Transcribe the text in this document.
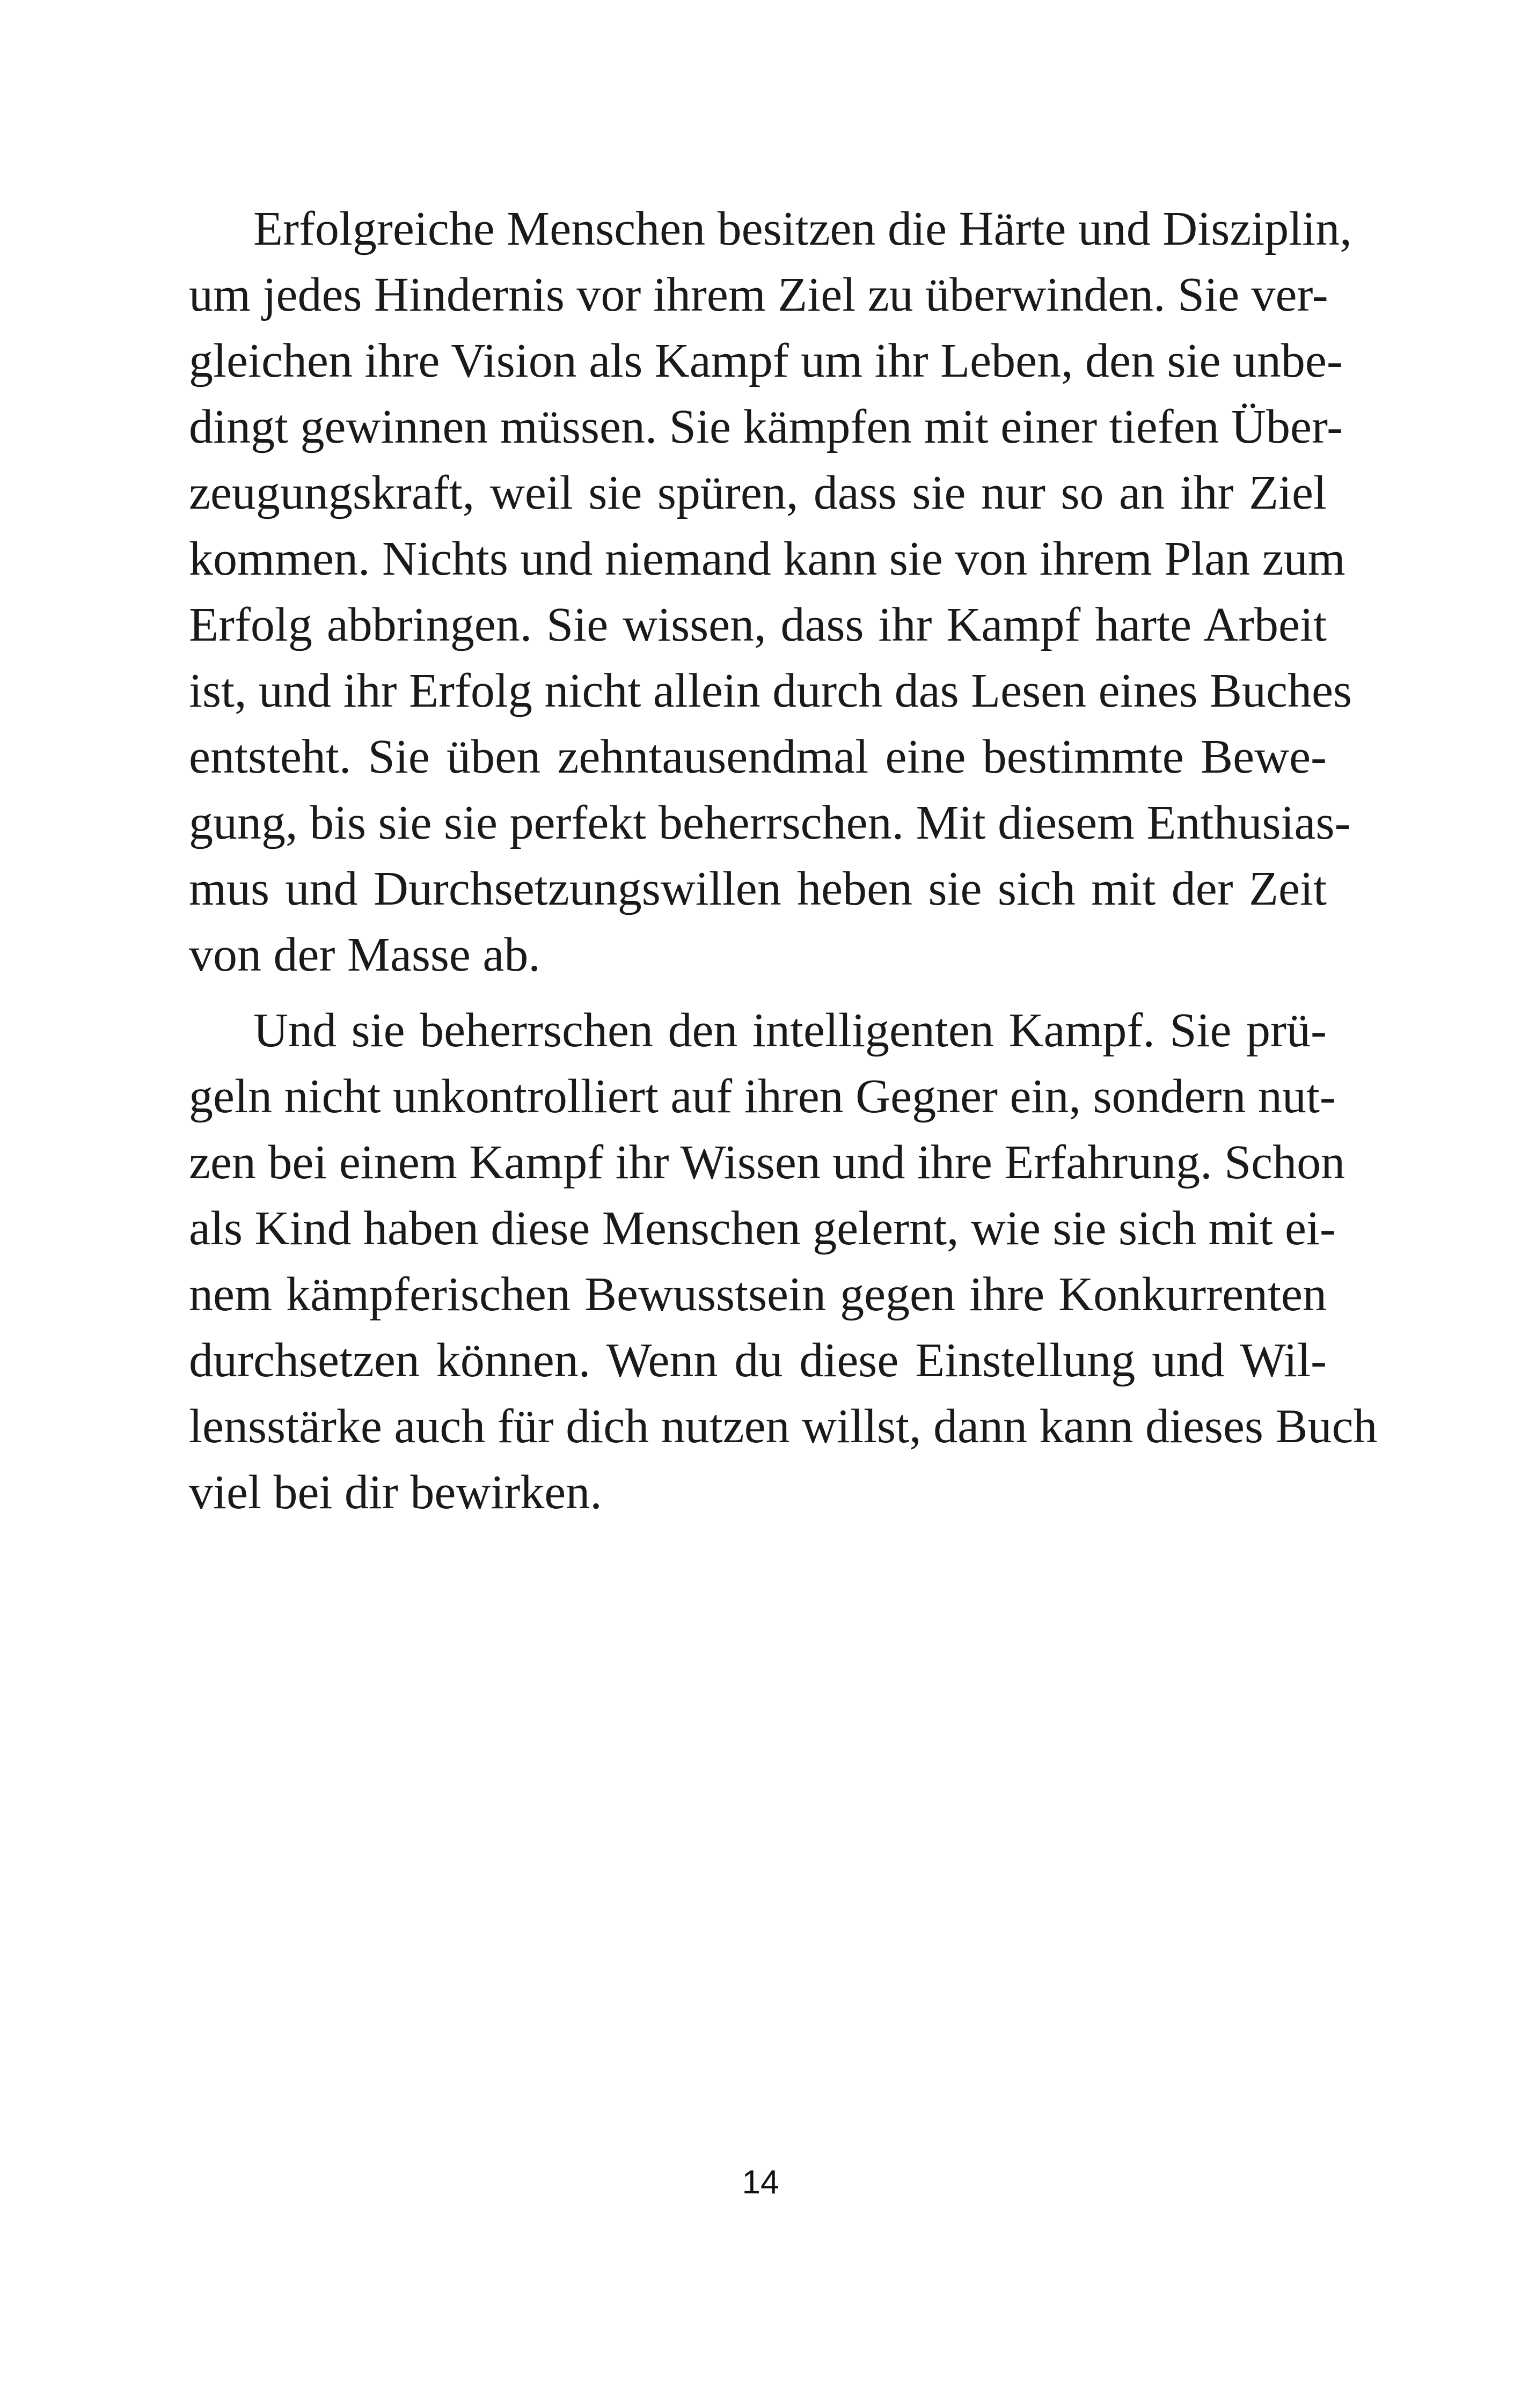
Erfolgreiche Menschen besitzen die Härte und Disziplin,
um jedes Hindernis vor ihrem Ziel zu überwinden. Sie ver-
gleichen ihre Vision als Kampf um ihr Leben, den sie unbe-
dingt gewinnen müssen. Sie kämpfen mit einer tiefen Über-
zeugungskraft, weil sie spüren, dass sie nur so an ihr Ziel
kommen. Nichts und niemand kann sie von ihrem Plan zum
Erfolg abbringen. Sie wissen, dass ihr Kampf harte Arbeit
ist, und ihr Erfolg nicht allein durch das Lesen eines Buches
entsteht. Sie üben zehntausendmal eine bestimmte Bewe-
gung, bis sie sie perfekt beherrschen. Mit diesem Enthusias-
mus und Durchsetzungswillen heben sie sich mit der Zeit
von der Masse ab.
Und sie beherrschen den intelligenten Kampf. Sie prü-
geln nicht unkontrolliert auf ihren Gegner ein, sondern nut-
zen bei einem Kampf ihr Wissen und ihre Erfahrung. Schon
als Kind haben diese Menschen gelernt, wie sie sich mit ei-
nem kämpferischen Bewusstsein gegen ihre Konkurrenten
durchsetzen können. Wenn du diese Einstellung und Wil-
lensstärke auch für dich nutzen willst, dann kann dieses Buch
viel bei dir bewirken.
14
